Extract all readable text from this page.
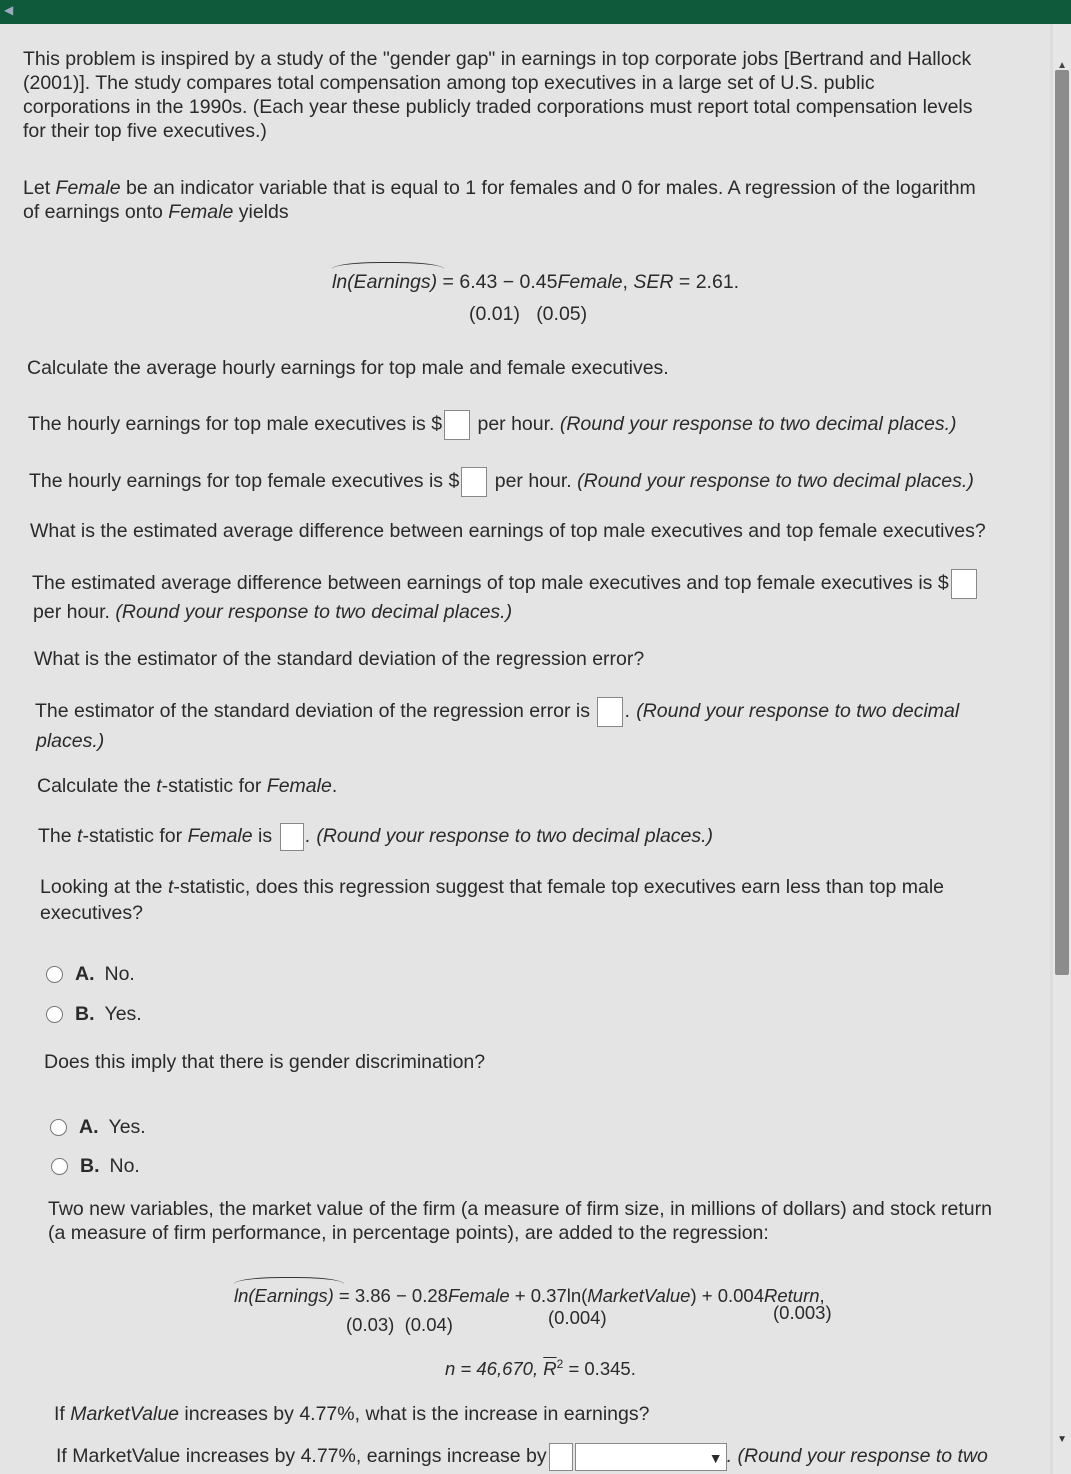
◀
▲
▼
This problem is inspired by a study of the "gender gap" in earnings in top corporate jobs [Bertrand and Hallock
(2001)]. The study compares total compensation among top executives in a large set of U.S. public
corporations in the 1990s. (Each year these publicly traded corporations must report total compensation levels
for their top five executives.)
Let Female be an indicator variable that is equal to 1 for females and 0 for males. A regression of the logarithm
of earnings onto Female yields
ln(Earnings) = 6.43 − 0.45Female, SER = 2.61.
(0.01)   (0.05)
Calculate the average hourly earnings for top male and female executives.
The hourly earnings for top male executives is $ per hour. (Round your response to two decimal places.)
The hourly earnings for top female executives is $ per hour. (Round your response to two decimal places.)
What is the estimated average difference between earnings of top male executives and top female executives?
The estimated average difference between earnings of top male executives and top female executives is $
per hour. (Round your response to two decimal places.)
What is the estimator of the standard deviation of the regression error?
The estimator of the standard deviation of the regression error is . (Round your response to two decimal
places.)
Calculate the t-statistic for Female.
The t-statistic for Female is . (Round your response to two decimal places.)
Looking at the t-statistic, does this regression suggest that female top executives earn less than top male
executives?
A. No.
B. Yes.
Does this imply that there is gender discrimination?
A. Yes.
B. No.
Two new variables, the market value of the firm (a measure of firm size, in millions of dollars) and stock return
(a measure of firm performance, in percentage points), are added to the regression:
ln(Earnings) = 3.86 − 0.28Female + 0.37ln(MarketValue) + 0.004Return,
(0.03)  (0.04)	(0.004)	(0.003)
n = 46,670, $\overline{R}^2 = 0.345$.
If MarketValue increases by 4.77%, what is the increase in earnings?
If MarketValue increases by 4.77%, earnings increase by	▼ . (Round your response to two
